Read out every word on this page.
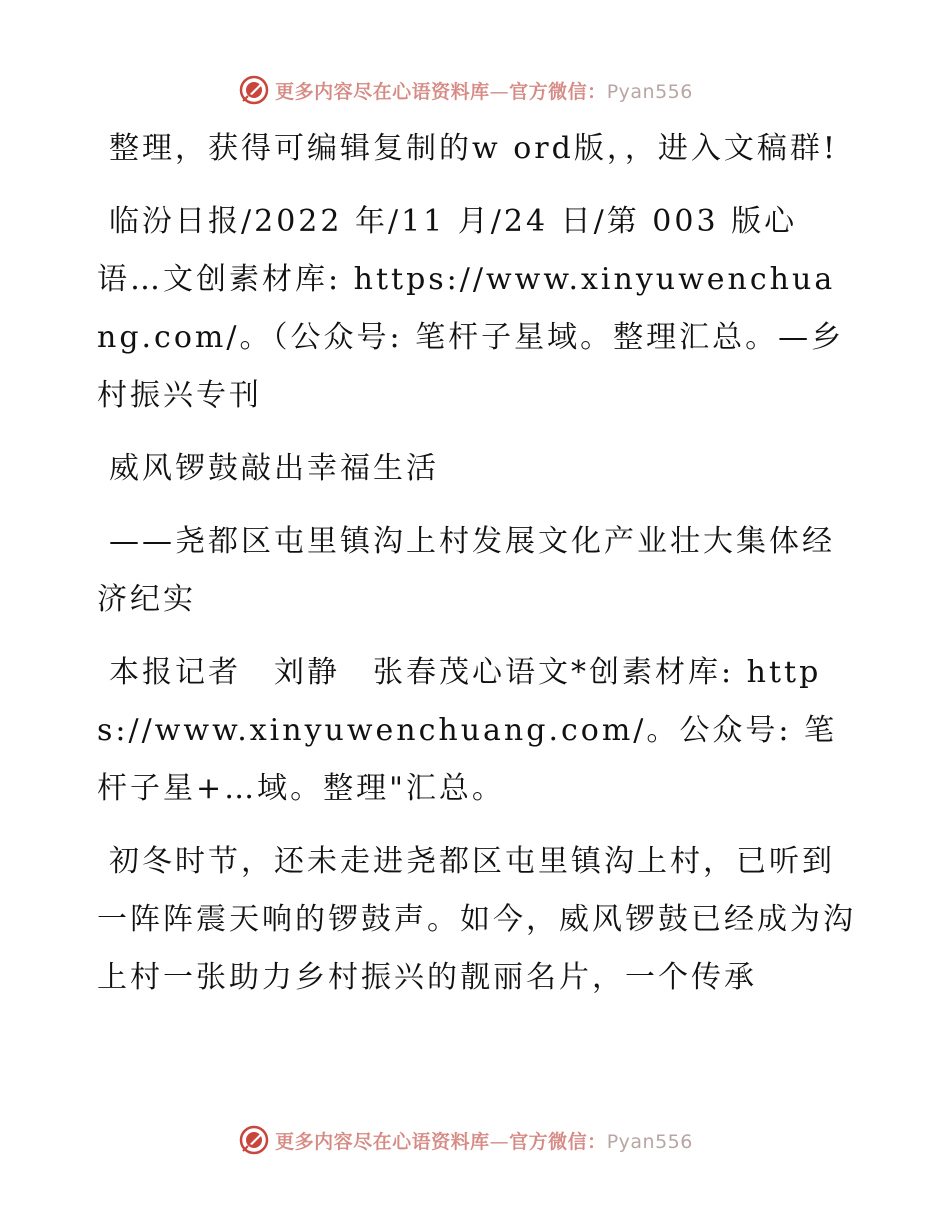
更多内容尽在心语资料库—官方微信：Pyan556

整理，获得可编辑复制的w ord版，，进入文稿群!

临汾日报/2022 年/11 月/24 日/第 003 版心语…文创素材库: https://www.xinyuwenchuang.com/。（公众号: 笔杆子星域。整理汇总。—乡村振兴专刊

威风锣鼓敲出幸福生活

——尧都区屯里镇沟上村发展文化产业壮大集体经济纪实

本报记者　刘静　张春茂心语文*创素材库: https://www.xinyuwenchuang.com/。公众号: 笔杆子星+…域。整理"汇总。

初冬时节，还未走进尧都区屯里镇沟上村，已听到一阵阵震天响的锣鼓声。如今，威风锣鼓已经成为沟上村一张助力乡村振兴的靓丽名片，一个传承

更多内容尽在心语资料库—官方微信：Pyan556
